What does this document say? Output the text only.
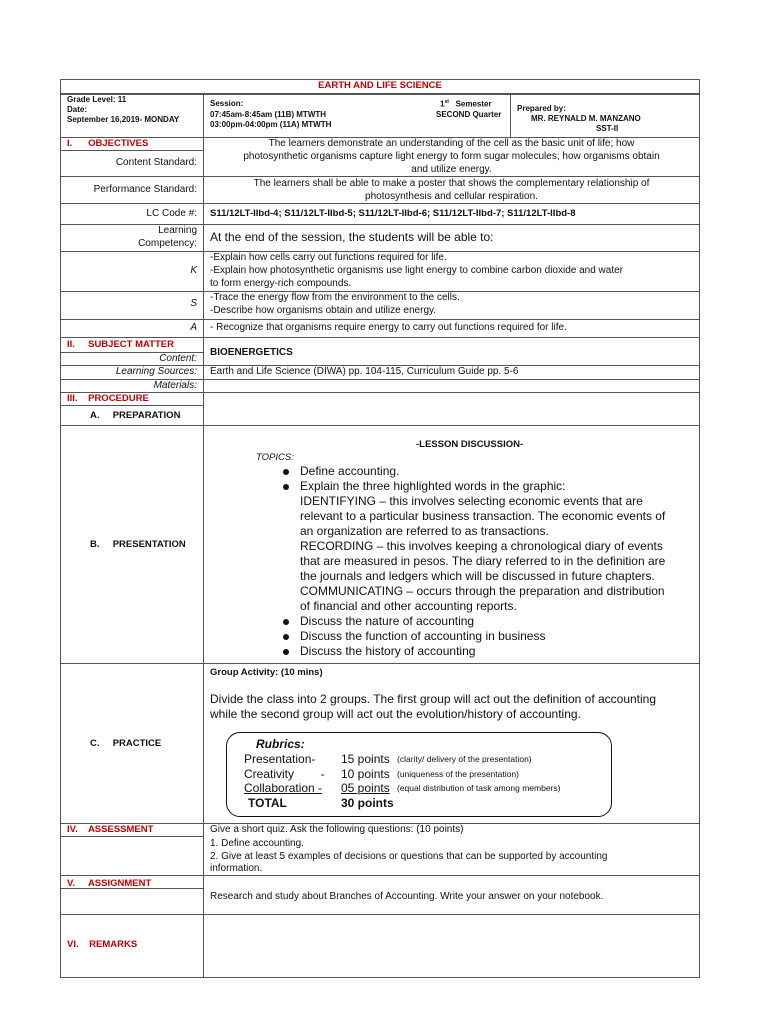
EARTH AND LIFE SCIENCE
Grade Level: 11
Date:
September 16,2019- MONDAY
Session:
07:45am-8:45am (11B) MTWTH
03:00pm-04:00pm (11A) MTWTH
1st Semester
SECOND Quarter
Prepared by:
MR. REYNALD M. MANZANO
SST-II
I.      OBJECTIVES
Content Standard:
The learners demonstrate an understanding of the cell as the basic unit of life; how
photosynthetic organisms capture light energy to form sugar molecules; how organisms obtain
and utilize energy.
Performance Standard:
The learners shall be able to make a poster that shows the complementary relationship of
photosynthesis and cellular respiration.
LC Code #: S11/12LT-IIbd-4; S11/12LT-IIbd-5; S11/12LT-IIbd-6; S11/12LT-IIbd-7; S11/12LT-IIbd-8
Learning
Competency: At the end of the session, the students will be able to:
K
-Explain how cells carry out functions required for life.
-Explain how photosynthetic organisms use light energy to combine carbon dioxide and water
to form energy-rich compounds.
S
-Trace the energy flow from the environment to the cells.
-Describe how organisms obtain and utilize energy.
A - Recognize that organisms require energy to carry out functions required for life.
II.     SUBJECT MATTER
Content:
BIOENERGETICS
Learning Sources: Earth and Life Science (DIWA) pp. 104-115, Curriculum Guide pp. 5-6
Materials:
III.    PROCEDURE
A.     PREPARATION
B.     PRESENTATION
-LESSON DISCUSSION-
TOPICS:
Define accounting.
Explain the three highlighted words in the graphic:
IDENTIFYING – this involves selecting economic events that are
relevant to a particular business transaction. The economic events of
an organization are referred to as transactions.
RECORDING – this involves keeping a chronological diary of events
that are measured in pesos. The diary referred to in the definition are
the journals and ledgers which will be discussed in future chapters.
COMMUNICATING – occurs through the preparation and distribution
of financial and other accounting reports.
Discuss the nature of accounting
Discuss the function of accounting in business
Discuss the history of accounting
C.     PRACTICE
Group Activity: (10 mins)
Divide the class into 2 groups. The first group will act out the definition of accounting
while the second group will act out the evolution/history of accounting.
Rubrics:
Presentation- 15 points (clarity/ delivery of the presentation)
Creativity        - 10 points (uniqueness of the presentation)
Collaboration - 05 points (equal distribution of task among members)
TOTAL	30 points
IV.    ASSESSMENT	Give a short quiz. Ask the following questions: (10 points)
1. Define accounting.
2. Give at least 5 examples of decisions or questions that can be supported by accounting
information.
V.     ASSIGNMENT
Research and study about Branches of Accounting. Write your answer on your notebook.
VI.    REMARKS
